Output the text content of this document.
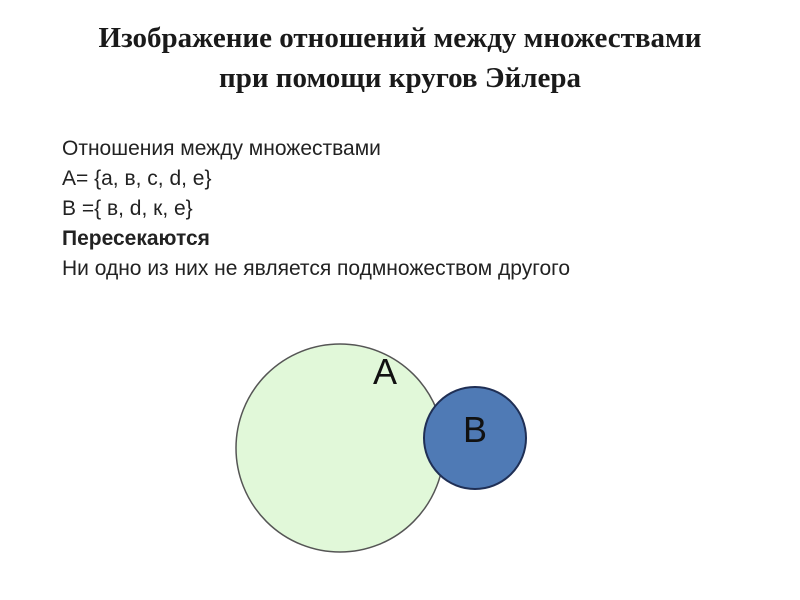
Изображение отношений между множествами
при помощи кругов Эйлера
Отношения между множествами
А= {а, в, с, d, е}
В ={ в, d, к, е}
Пересекаются
Ни одно из них не является подмножеством другого
А
В
